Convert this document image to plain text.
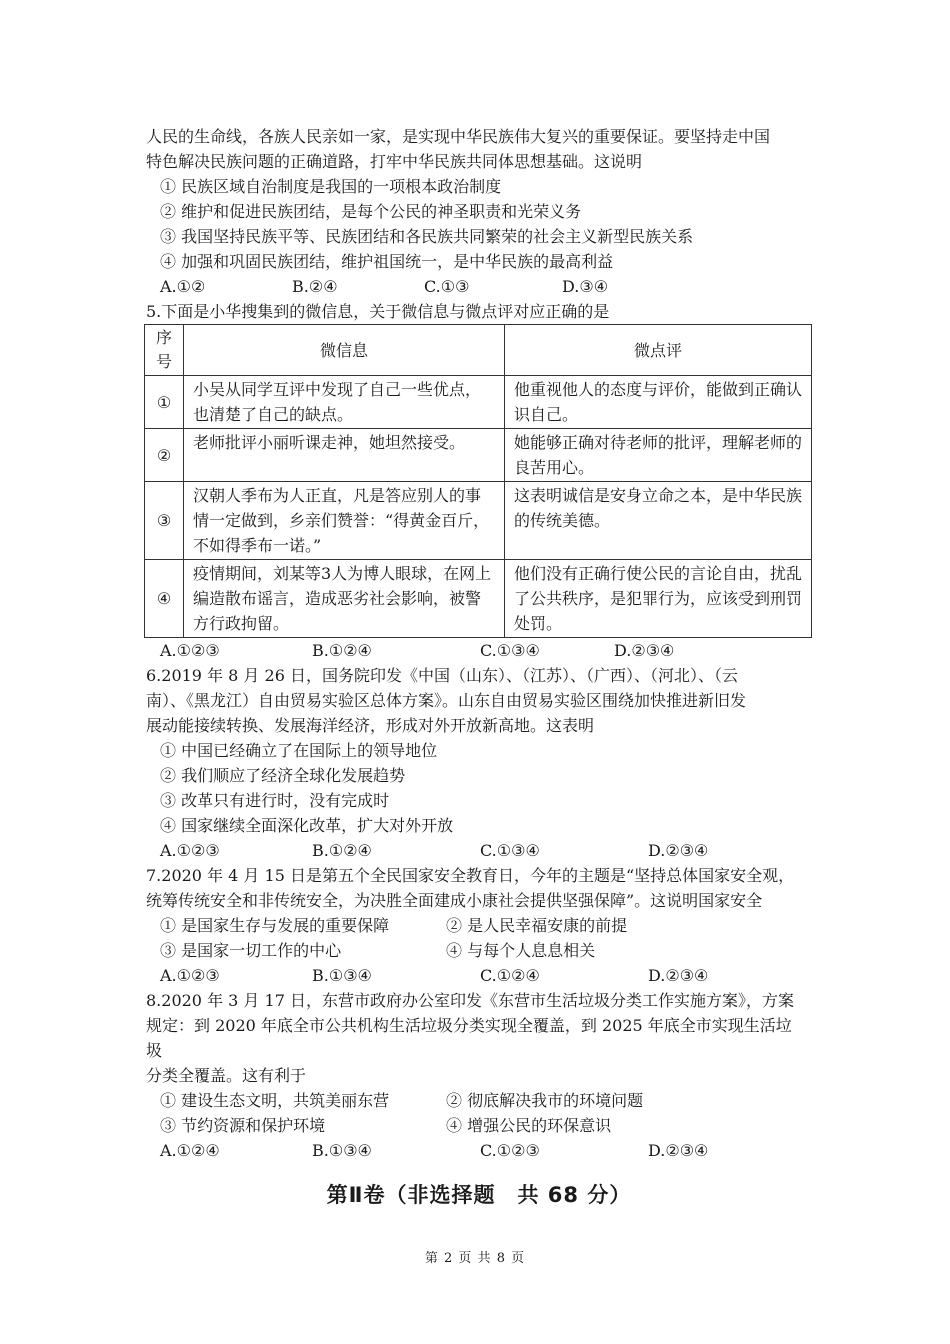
人民的生命线，各族人民亲如一家，是实现中华民族伟大复兴的重要保证。要坚持走中国
特色解决民族问题的正确道路，打牢中华民族共同体思想基础。这说明
① 民族区域自治制度是我国的一项根本政治制度
② 维护和促进民族团结，是每个公民的神圣职责和光荣义务
③ 我国坚持民族平等、民族团结和各民族共同繁荣的社会主义新型民族关系
④ 加强和巩固民族团结，维护祖国统一，是中华民族的最高利益
A.①②	B.②④	C.①③	D.③④
5.下面是小华搜集到的微信息，关于微信息与微点评对应正确的是
序号	微信息	微点评
①	小吴从同学互评中发现了自己一些优点，也清楚了自己的缺点。	他重视他人的态度与评价，能做到正确认识自己。
②	老师批评小丽听课走神，她坦然接受。	她能够正确对待老师的批评，理解老师的良苦用心。
③	汉朝人季布为人正直，凡是答应别人的事情一定做到，乡亲们赞誉：“得黄金百斤，不如得季布一诺。”	这表明诚信是安身立命之本，是中华民族的传统美德。
④	疫情期间，刘某等3人为博人眼球，在网上编造散布谣言，造成恶劣社会影响，被警方行政拘留。	他们没有正确行使公民的言论自由，扰乱了公共秩序，是犯罪行为，应该受到刑罚处罚。
A.①②③	B.①②④	C.①③④	D.②③④
6.2019 年 8 月 26 日，国务院印发《中国（山东）、（江苏）、（广西）、（河北）、（云
南）、《黑龙江）自由贸易实验区总体方案》。山东自由贸易实验区围绕加快推进新旧发
展动能接续转换、发展海洋经济，形成对外开放新高地。这表明
① 中国已经确立了在国际上的领导地位
② 我们顺应了经济全球化发展趋势
③ 改革只有进行时，没有完成时
④ 国家继续全面深化改革，扩大对外开放
A.①②③	B.①②④	C.①③④	D.②③④
7.2020 年 4 月 15 日是第五个全民国家安全教育日，今年的主题是“坚持总体国家安全观，
统筹传统安全和非传统安全，为决胜全面建成小康社会提供坚强保障”。这说明国家安全
① 是国家生存与发展的重要保障	② 是人民幸福安康的前提
③ 是国家一切工作的中心	④ 与每个人息息相关
A.①②③	B.①③④	C.①②④	D.②③④
8.2020 年 3 月 17 日，东营市政府办公室印发《东营市生活垃圾分类工作实施方案》，方案
规定：到 2020 年底全市公共机构生活垃圾分类实现全覆盖，到 2025 年底全市实现生活垃
圾
分类全覆盖。这有利于
① 建设生态文明，共筑美丽东营	② 彻底解决我市的环境问题
③ 节约资源和保护环境	④ 增强公民的环保意识
A.①②④	B.①③④	C.①②③	D.②③④
第Ⅱ卷（非选择题　共 68 分）
第 2 页 共 8 页
